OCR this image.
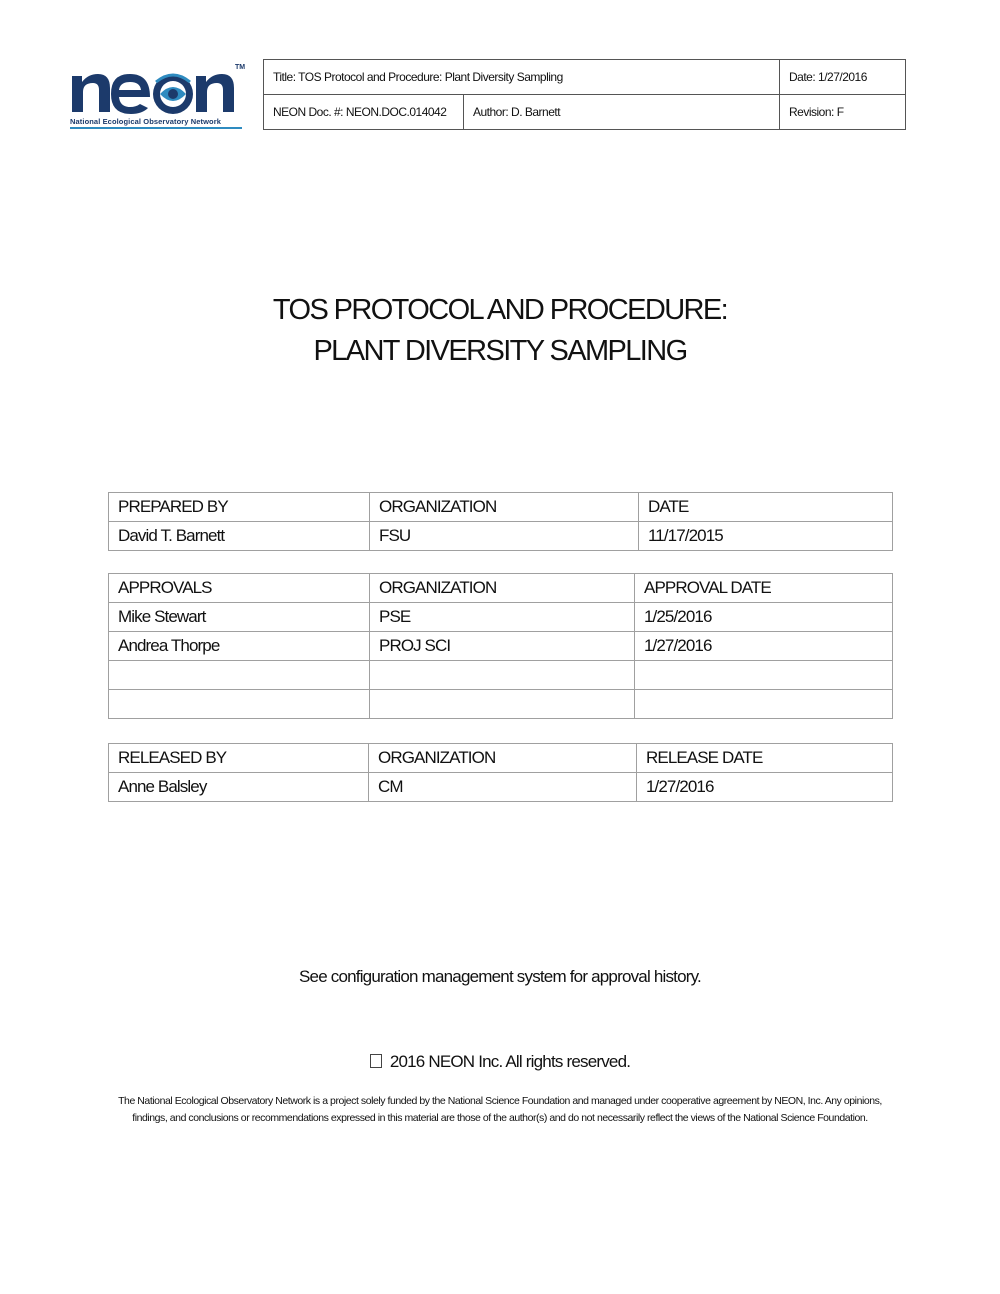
TM
National Ecological Observatory Network
Title: TOS Protocol and Procedure: Plant Diversity Sampling	Date: 1/27/2016
NEON Doc. #: NEON.DOC.014042	Author: D. Barnett	Revision: F
TOS PROTOCOL AND PROCEDURE:
PLANT DIVERSITY SAMPLING
PREPARED BY	ORGANIZATION	DATE
David T. Barnett	FSU	11/17/2015
APPROVALS	ORGANIZATION	APPROVAL DATE
Mike Stewart	PSE	1/25/2016
Andrea Thorpe	PROJ SCI	1/27/2016

RELEASED BY	ORGANIZATION	RELEASE DATE
Anne Balsley	CM	1/27/2016
See configuration management system for approval history.
2016 NEON Inc. All rights reserved.
The National Ecological Observatory Network is a project solely funded by the National Science Foundation and managed under cooperative agreement by NEON, Inc. Any opinions, findings, and conclusions or recommendations expressed in this material are those of the author(s) and do not necessarily reflect the views of the National Science Foundation.
